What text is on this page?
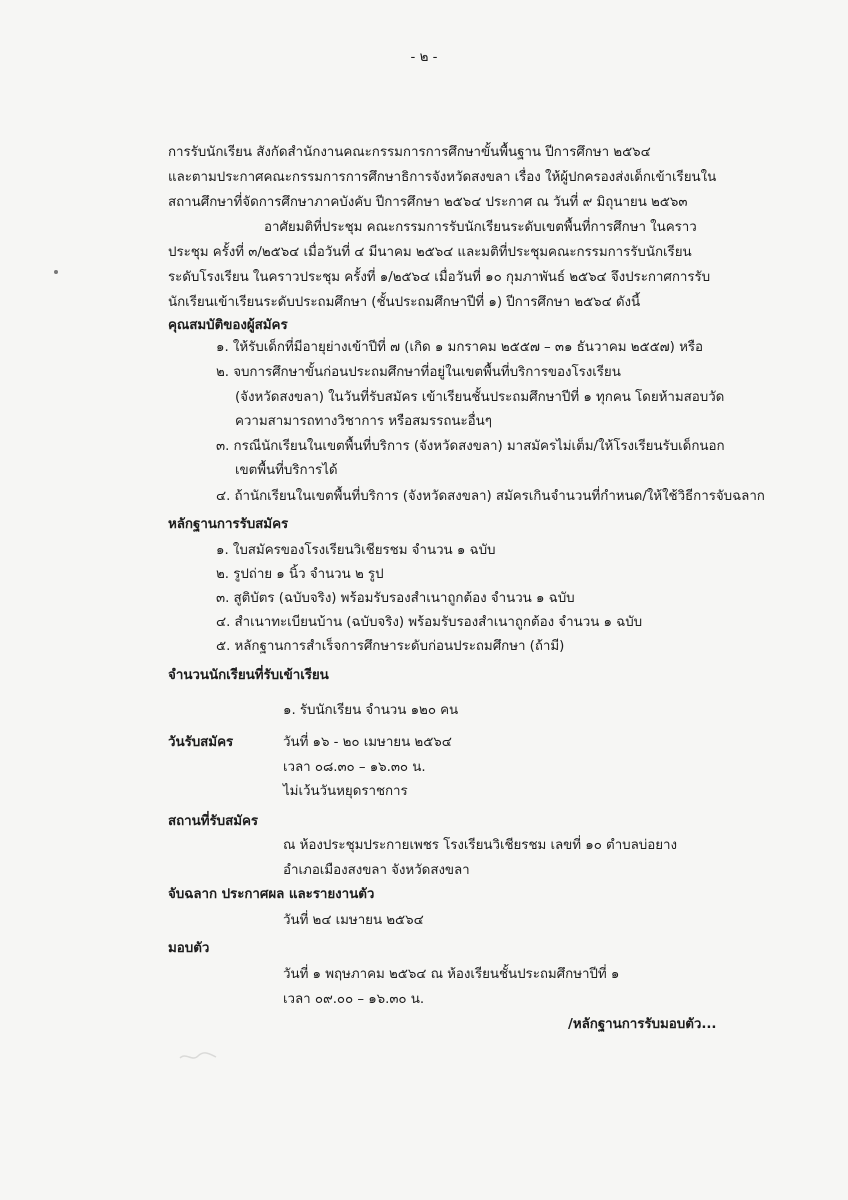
- ๒ -
การรับนักเรียน สังกัดสำนักงานคณะกรรมการการศึกษาขั้นพื้นฐาน ปีการศึกษา ๒๕๖๔
และตามประกาศคณะกรรมการการศึกษาธิการจังหวัดสงขลา เรื่อง ให้ผู้ปกครองส่งเด็กเข้าเรียนใน
สถานศึกษาที่จัดการศึกษาภาคบังคับ ปีการศึกษา ๒๕๖๔ ประกาศ ณ วันที่ ๙ มิถุนายน ๒๕๖๓
อาศัยมติที่ประชุม คณะกรรมการรับนักเรียนระดับเขตพื้นที่การศึกษา ในคราว
ประชุม ครั้งที่ ๓/๒๕๖๔ เมื่อวันที่ ๔ มีนาคม ๒๕๖๔ และมติที่ประชุมคณะกรรมการรับนักเรียน
ระดับโรงเรียน ในคราวประชุม ครั้งที่ ๑/๒๕๖๔ เมื่อวันที่ ๑๐ กุมภาพันธ์ ๒๕๖๔ จึงประกาศการรับ
นักเรียนเข้าเรียนระดับประถมศึกษา (ชั้นประถมศึกษาปีที่ ๑) ปีการศึกษา ๒๕๖๔ ดังนี้
คุณสมบัติของผู้สมัคร
๑. ให้รับเด็กที่มีอายุย่างเข้าปีที่ ๗ (เกิด ๑ มกราคม ๒๕๕๗ – ๓๑ ธันวาคม ๒๕๕๗) หรือ
๒. จบการศึกษาขั้นก่อนประถมศึกษาที่อยู่ในเขตพื้นที่บริการของโรงเรียน
(จังหวัดสงขลา) ในวันที่รับสมัคร เข้าเรียนชั้นประถมศึกษาปีที่ ๑ ทุกคน โดยห้ามสอบวัด
ความสามารถทางวิชาการ หรือสมรรถนะอื่นๆ
๓. กรณีนักเรียนในเขตพื้นที่บริการ (จังหวัดสงขลา) มาสมัครไม่เต็ม/ให้โรงเรียนรับเด็กนอก
เขตพื้นที่บริการได้
๔. ถ้านักเรียนในเขตพื้นที่บริการ (จังหวัดสงขลา) สมัครเกินจำนวนที่กำหนด/ให้ใช้วิธีการจับฉลาก
หลักฐานการรับสมัคร
๑. ใบสมัครของโรงเรียนวิเชียรชม จำนวน ๑ ฉบับ
๒. รูปถ่าย ๑ นิ้ว จำนวน ๒ รูป
๓. สูติบัตร (ฉบับจริง) พร้อมรับรองสำเนาถูกต้อง จำนวน ๑ ฉบับ
๔. สำเนาทะเบียนบ้าน (ฉบับจริง) พร้อมรับรองสำเนาถูกต้อง จำนวน ๑ ฉบับ
๕. หลักฐานการสำเร็จการศึกษาระดับก่อนประถมศึกษา (ถ้ามี)
จำนวนนักเรียนที่รับเข้าเรียน
๑. รับนักเรียน จำนวน ๑๒๐ คน
วันรับสมัคร	วันที่ ๑๖ - ๒๐ เมษายน ๒๕๖๔
เวลา ๐๘.๓๐ – ๑๖.๓๐ น.
ไม่เว้นวันหยุดราชการ
สถานที่รับสมัคร
ณ ห้องประชุมประกายเพชร โรงเรียนวิเชียรชม เลขที่ ๑๐ ตำบลบ่อยาง
อำเภอเมืองสงขลา จังหวัดสงขลา
จับฉลาก ประกาศผล และรายงานตัว
วันที่ ๒๔ เมษายน ๒๕๖๔
มอบตัว
วันที่ ๑ พฤษภาคม ๒๕๖๔ ณ ห้องเรียนชั้นประถมศึกษาปีที่ ๑
เวลา ๐๙.๐๐ – ๑๖.๓๐ น.
/หลักฐานการรับมอบตัว...
